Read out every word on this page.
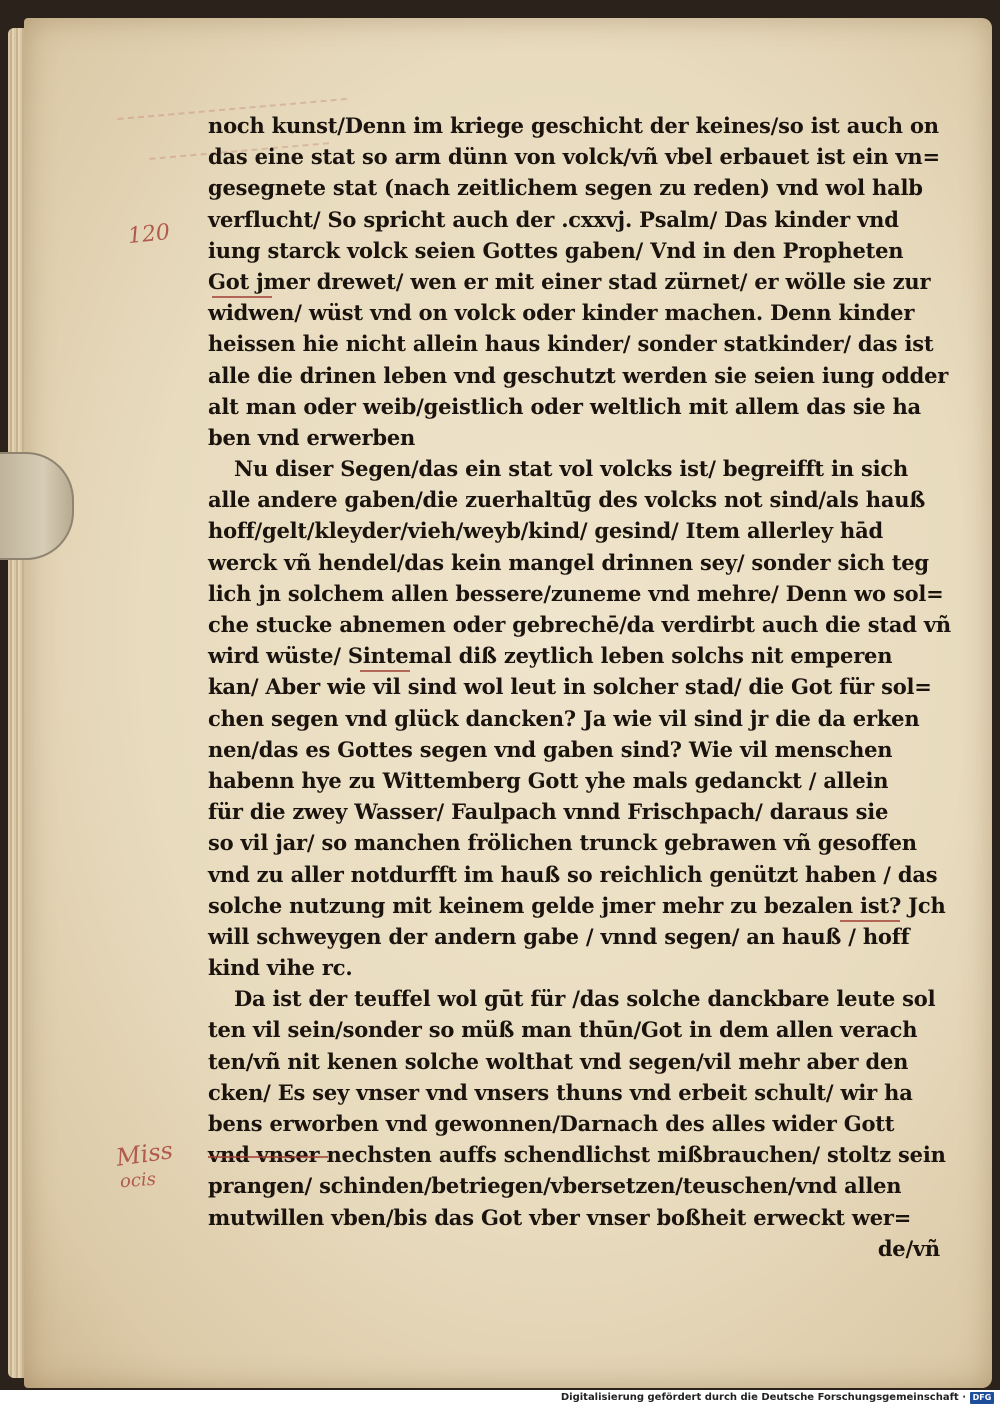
120
Miss
ocis
noch kunst/Denn im kriege geschicht der keines/so ist auch on
das eine stat so arm dünn von volck/vñ vbel erbauet ist ein vn=
gesegnete stat (nach zeitlichem segen zu reden) vnd wol halb
verflucht/ So spricht auch der .cxxvj. Psalm/ Das kinder vnd
iung starck volck seien Gottes gaben/ Vnd in den Propheten
Got jmer drewet/ wen er mit einer stad zürnet/ er wölle sie zur
widwen/ wüst vnd on volck oder kinder machen. Denn kinder
heissen hie nicht allein haus kinder/ sonder statkinder/ das ist
alle die drinen leben vnd geschutzt werden sie seien iung odder
alt man oder weib/geistlich oder weltlich mit allem das sie ha
ben vnd erwerben
Nu diser Segen/das ein stat vol volcks ist/ begreifft in sich
alle andere gaben/die zuerhaltūg des volcks not sind/als hauß
hoff/gelt/kleyder/vieh/weyb/kind/ gesind/ Item allerley hād
werck vñ hendel/das kein mangel drinnen sey/ sonder sich teg
lich jn solchem allen bessere/zuneme vnd mehre/ Denn wo sol=
che stucke abnemen oder gebrechē/da verdirbt auch die stad vñ
wird wüste/ Sintemal diß zeytlich leben solchs nit emperen
kan/ Aber wie vil sind wol leut in solcher stad/ die Got für sol=
chen segen vnd glück dancken? Ja wie vil sind jr die da erken
nen/das es Gottes segen vnd gaben sind? Wie vil menschen
habenn hye zu Wittemberg Gott yhe mals gedanckt / allein
für die zwey Wasser/ Faulpach vnnd Frischpach/ daraus sie
so vil jar/ so manchen frölichen trunck gebrawen vñ gesoffen
vnd zu aller notdurfft im hauß so reichlich genützt haben / das
solche nutzung mit keinem gelde jmer mehr zu bezalen ist? Jch
will schweygen der andern gabe / vnnd segen/ an hauß / hoff
kind vihe rc.
Da ist der teuffel wol gūt für /das solche danckbare leute sol
ten vil sein/sonder so müß man thūn/Got in dem allen verach
ten/vñ nit kenen solche wolthat vnd segen/vil mehr aber den
cken/ Es sey vnser vnd vnsers thuns vnd erbeit schult/ wir ha
bens erworben vnd gewonnen/Darnach des alles wider Gott
vnd vnser nechsten auffs schendlichst mißbrauchen/ stoltz sein
prangen/ schinden/betriegen/vbersetzen/teuschen/vnd allen
mutwillen vben/bis das Got vber vnser boßheit erweckt wer=
de/vñ
Digitalisierung gefördert durch die Deutsche Forschungsgemeinschaft · DFG
